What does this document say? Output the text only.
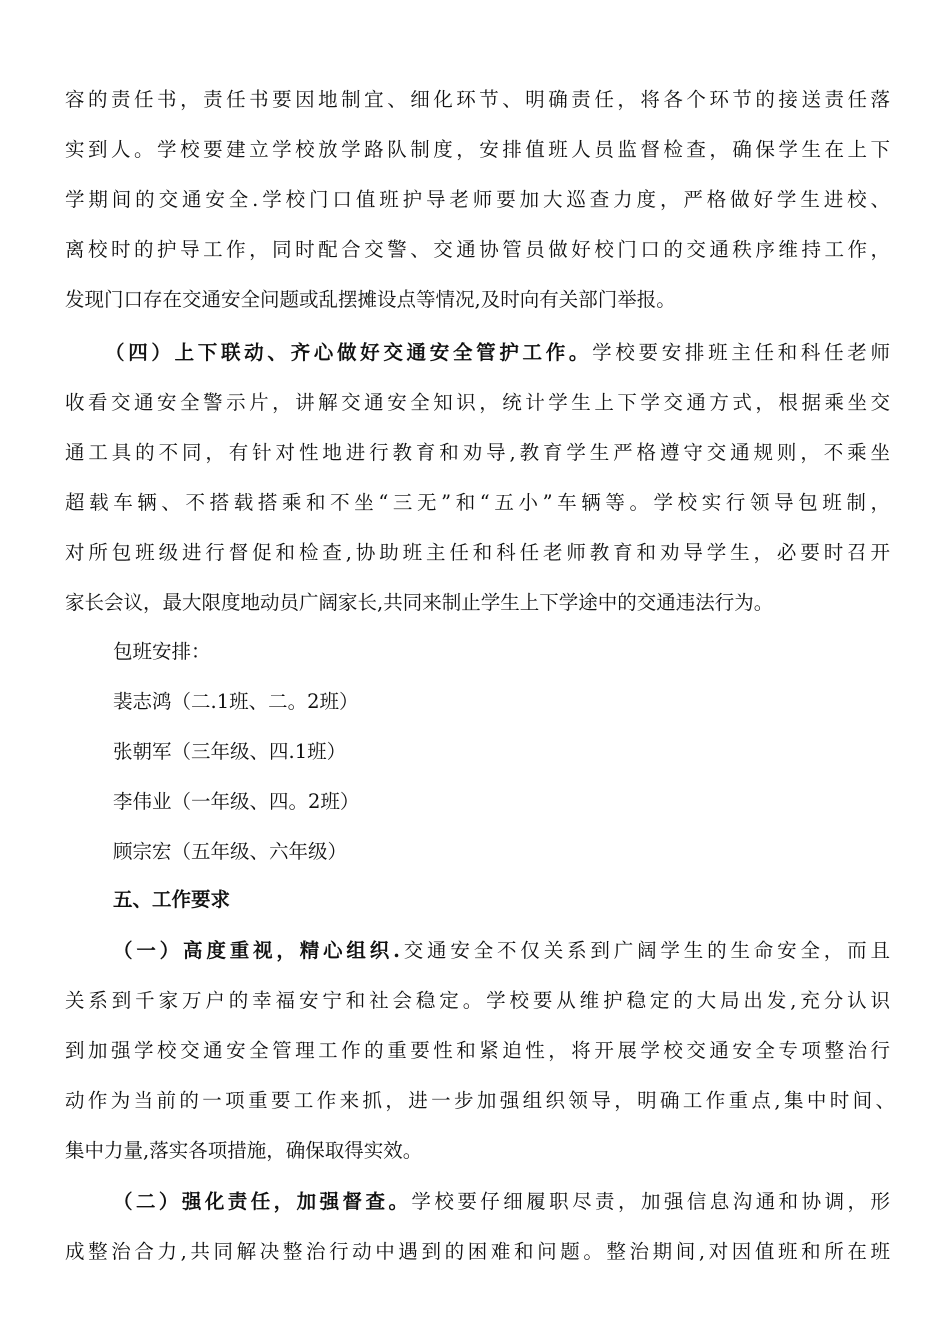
容的责任书，责任书要因地制宜、细化环节、明确责任，将各个环节的接送责任落
实到人。学校要建立学校放学路队制度，安排值班人员监督检查，确保学生在上下
学期间的交通安全.学校门口值班护导老师要加大巡查力度，严格做好学生进校、
离校时的护导工作，同时配合交警、交通协管员做好校门口的交通秩序维持工作，
发现门口存在交通安全问题或乱摆摊设点等情况,及时向有关部门举报。
（四）上下联动、齐心做好交通安全管护工作。学校要安排班主任和科任老师
收看交通安全警示片，讲解交通安全知识，统计学生上下学交通方式，根据乘坐交
通工具的不同，有针对性地进行教育和劝导,教育学生严格遵守交通规则，不乘坐
超载车辆、不搭载搭乘和不坐“三无”和“五小”车辆等。学校实行领导包班制，
对所包班级进行督促和检查,协助班主任和科任老师教育和劝导学生，必要时召开
家长会议，最大限度地动员广阔家长,共同来制止学生上下学途中的交通违法行为。
包班安排：
裴志鸿（二.1班、二。2班）
张朝军（三年级、四.1班）
李伟业（一年级、四。2班）
顾宗宏（五年级、六年级）
五、工作要求
（一）高度重视，精心组织.交通安全不仅关系到广阔学生的生命安全，而且
关系到千家万户的幸福安宁和社会稳定。学校要从维护稳定的大局出发,充分认识
到加强学校交通安全管理工作的重要性和紧迫性，将开展学校交通安全专项整治行
动作为当前的一项重要工作来抓，进一步加强组织领导，明确工作重点,集中时间、
集中力量,落实各项措施，确保取得实效。
（二）强化责任，加强督查。学校要仔细履职尽责，加强信息沟通和协调，形
成整治合力,共同解决整治行动中遇到的困难和问题。整治期间,对因值班和所在班
